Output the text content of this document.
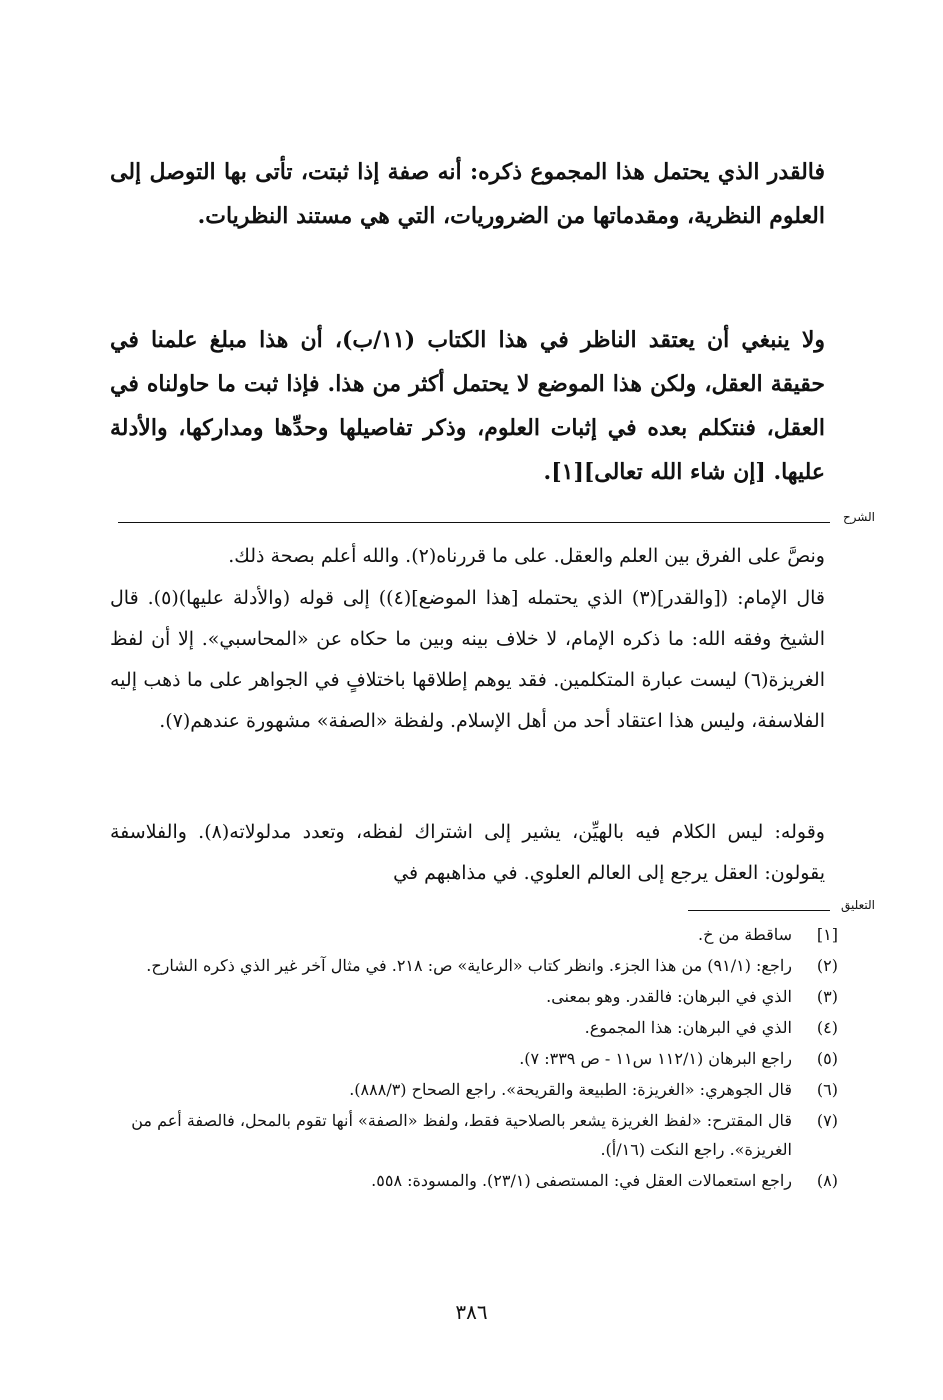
فالقدر الذي يحتمل هذا المجموع ذكره: أنه صفة إذا ثبتت، تأتى بها التوصل إلى العلوم النظرية، ومقدماتها من الضروريات، التي هي مستند النظريات.

ولا ينبغي أن يعتقد الناظر في هذا الكتاب (١١/ب)، أن هذا مبلغ علمنا في حقيقة العقل، ولكن هذا الموضع لا يحتمل أكثر من هذا. فإذا ثبت ما حاولناه في العقل، فنتكلم بعده في إثبات العلوم، وذكر تفاصيلها وحدِّها ومداركها، والأدلة عليها. [إن شاء الله تعالى][١].

الشرح

ونصَّ على الفرق بين العلم والعقل. على ما قررناه(٢). والله أعلم بصحة ذلك.

قال الإمام: ([والقدر](٣) الذي يحتمله [هذا الموضع](٤)) إلى قوله (والأدلة عليها)(٥). قال الشيخ وفقه الله: ما ذكره الإمام، لا خلاف بينه وبين ما حكاه عن «المحاسبي». إلا أن لفظ الغريزة(٦) ليست عبارة المتكلمين. فقد يوهم إطلاقها باختلافٍ في الجواهر على ما ذهب إليه الفلاسفة، وليس هذا اعتقاد أحد من أهل الإسلام. ولفظة «الصفة» مشهورة عندهم(٧).

وقوله: ليس الكلام فيه بالهيِّن، يشير إلى اشتراك لفظه، وتعدد مدلولاته(٨). والفلاسفة يقولون: العقل يرجع إلى العالم العلوي. في مذاهبهم في

التعليق
[١]
ساقطة من خ.
(٢)
راجع: (٩١/١) من هذا الجزء. وانظر كتاب «الرعاية» ص: ٢١٨. في مثال آخر غير الذي ذكره الشارح.
(٣)
الذي في البرهان: فالقدر. وهو بمعنى.
(٤)
الذي في البرهان: هذا المجموع.
(٥)
راجع البرهان (١١٢/١ س١١ - ص ٣٣٩: ٧).
(٦)
قال الجوهري: «الغريزة: الطبيعة والقريحة». راجع الصحاح (٨٨٨/٣).
(٧)
قال المقترح: «لفظ الغريزة يشعر بالصلاحية فقط، ولفظ «الصفة» أنها تقوم بالمحل، فالصفة أعم من الغريزة». راجع النكت (١٦/أ).
(٨)
راجع استعمالات العقل في: المستصفى (٢٣/١). والمسودة: ٥٥٨.
٣٨٦
